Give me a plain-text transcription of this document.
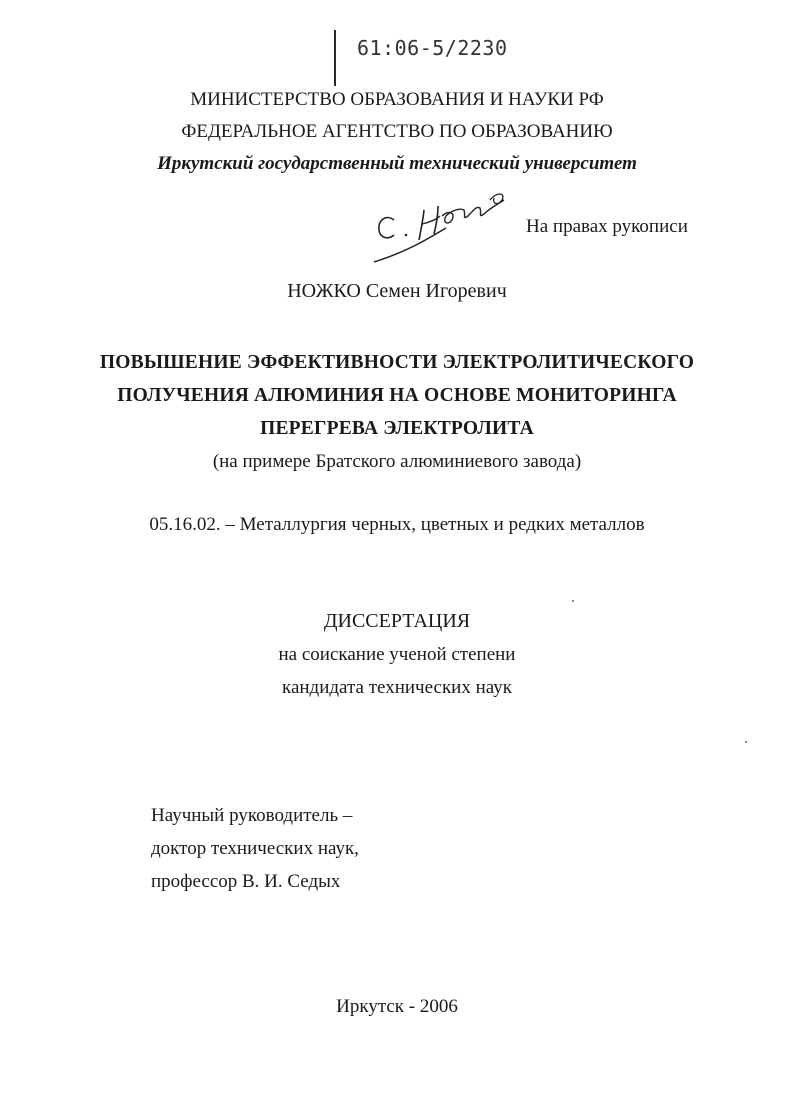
61:06-5/2230
МИНИСТЕРСТВО ОБРАЗОВАНИЯ И НАУКИ РФ
ФЕДЕРАЛЬНОЕ АГЕНТСТВО ПО ОБРАЗОВАНИЮ
Иркутский государственный технический университет
На правах рукописи
НОЖКО Семен Игоревич
ПОВЫШЕНИЕ ЭФФЕКТИВНОСТИ ЭЛЕКТРОЛИТИЧЕСКОГО
ПОЛУЧЕНИЯ АЛЮМИНИЯ НА ОСНОВЕ МОНИТОРИНГА
ПЕРЕГРЕВА ЭЛЕКТРОЛИТА
(на примере Братского алюминиевого завода)
05.16.02. – Металлургия черных, цветных и редких металлов
ДИССЕРТАЦИЯ
на соискание ученой степени
кандидата технических наук
Научный руководитель –
доктор технических наук,
профессор В. И. Седых
Иркутск - 2006
